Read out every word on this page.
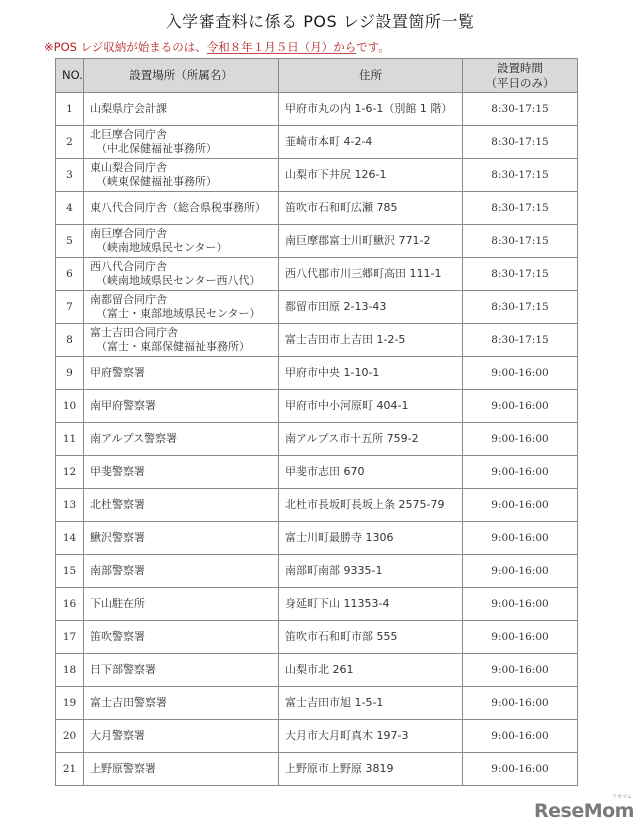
入学審査料に係る POS レジ設置箇所一覧
※POS レジ収納が始まるのは、令和８年１月５日（月）からです。
NO.	設置場所（所属名）	住所	設置時間
（平日のみ）

1	山梨県庁会計課	甲府市丸の内 1-6-1（別館 1 階）	8:30-17:15
2	北巨摩合同庁舎
（中北保健福祉事務所）	韮崎市本町 4-2-4	8:30-17:15
3	東山梨合同庁舎
（峡東保健福祉事務所）	山梨市下井尻 126-1	8:30-17:15
4	東八代合同庁舎（総合県税事務所）	笛吹市石和町広瀬 785	8:30-17:15
5	南巨摩合同庁舎
（峡南地域県民センター）	南巨摩郡富士川町鰍沢 771-2	8:30-17:15
6	西八代合同庁舎
（峡南地域県民センター西八代）	西八代郡市川三郷町高田 111-1	8:30-17:15
7	南都留合同庁舎
（富士・東部地域県民センター）	都留市田原 2-13-43	8:30-17:15
8	富士吉田合同庁舎
（富士・東部保健福祉事務所）	富士吉田市上吉田 1-2-5	8:30-17:15
9	甲府警察署	甲府市中央 1-10-1	9:00-16:00
10	南甲府警察署	甲府市中小河原町 404-1	9:00-16:00
11	南アルプス警察署	南アルプス市十五所 759-2	9:00-16:00
12	甲斐警察署	甲斐市志田 670	9:00-16:00
13	北杜警察署	北杜市長坂町長坂上条 2575-79	9:00-16:00
14	鰍沢警察署	富士川町最勝寺 1306	9:00-16:00
15	南部警察署	南部町南部 9335-1	9:00-16:00
16	下山駐在所	身延町下山 11353-4	9:00-16:00
17	笛吹警察署	笛吹市石和町市部 555	9:00-16:00
18	日下部警察署	山梨市北 261	9:00-16:00
19	富士吉田警察署	富士吉田市旭 1-5-1	9:00-16:00
20	大月警察署	大月市大月町真木 197-3	9:00-16:00
21	上野原警察署	上野原市上野原 3819	9:00-16:00
ReseMom
リセマム
